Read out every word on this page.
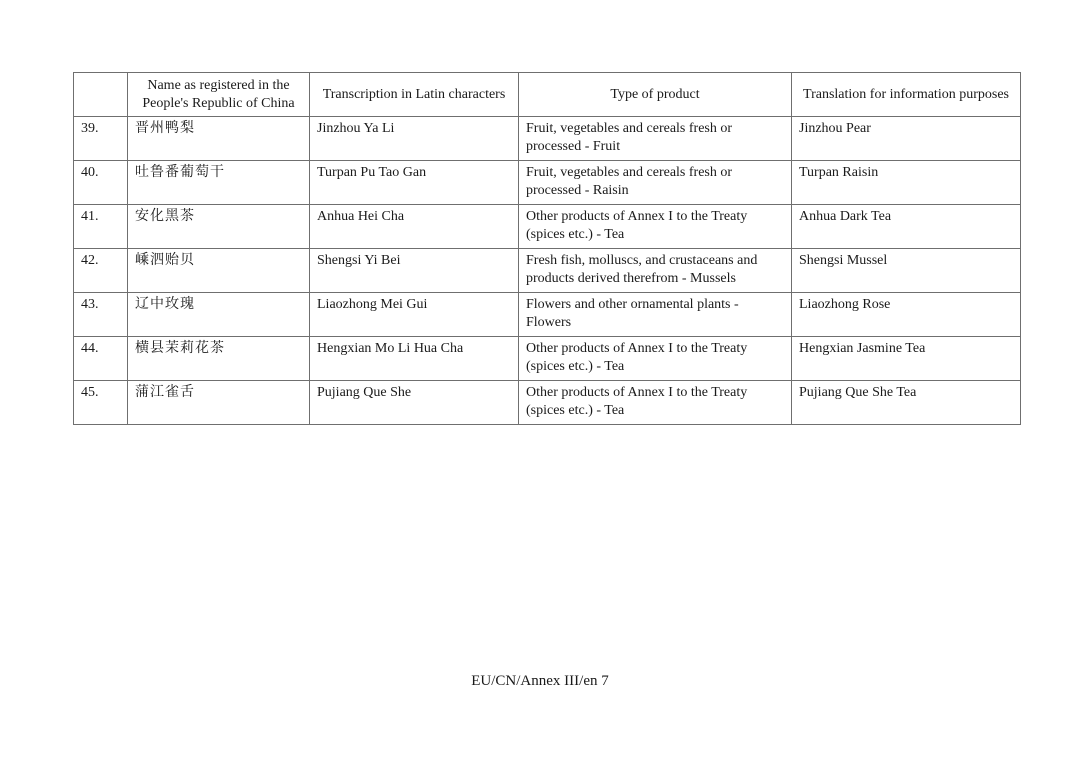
	Name as registered in the People's Republic of China	Transcription in Latin characters	Type of product	Translation for information purposes
39.	晋州鸭梨	Jinzhou Ya Li	Fruit, vegetables and cereals fresh or processed - Fruit	Jinzhou Pear
40.	吐鲁番葡萄干	Turpan Pu Tao Gan	Fruit, vegetables and cereals fresh or processed - Raisin	Turpan Raisin
41.	安化黑茶	Anhua Hei Cha	Other products of Annex I to the Treaty (spices etc.) - Tea	Anhua Dark Tea
42.	嵊泗贻贝	Shengsi Yi Bei	Fresh fish, molluscs, and crustaceans and products derived therefrom - Mussels	Shengsi Mussel
43.	辽中玫瑰	Liaozhong Mei Gui	Flowers and other ornamental plants - Flowers	Liaozhong Rose
44.	横县茉莉花茶	Hengxian Mo Li Hua Cha	Other products of Annex I to the Treaty (spices etc.) - Tea	Hengxian Jasmine Tea
45.	蒲江雀舌	Pujiang Que She	Other products of Annex I to the Treaty (spices etc.) - Tea	Pujiang Que She Tea
EU/CN/Annex III/en 7
